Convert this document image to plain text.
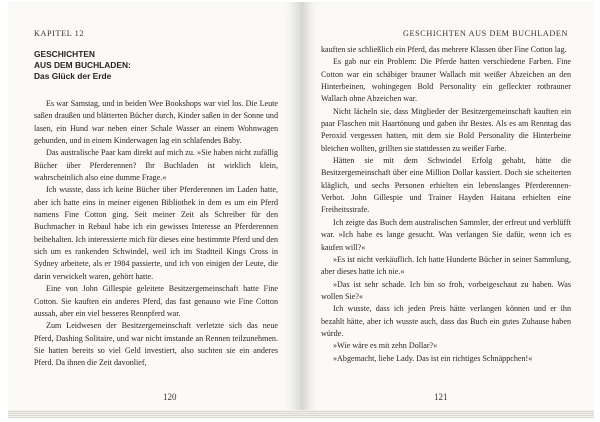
KAPITEL 12
GESCHICHTEN
AUS DEM BUCHLADEN:
Das Glück der Erde

Es war Samstag, und in beiden Wee Bookshops war viel los. Die Leute saßen draußen und blätterten Bücher durch, Kinder saßen in der Sonne und lasen, ein Hund war neben einer Schale Wasser an einem Wohnwagen gebunden, und in einem Kinderwagen lag ein schlafendes Baby.

Das australische Paar kam direkt auf mich zu. »Sie haben nicht zufällig Bücher über Pferderennen? Ihr Buchladen ist wirklich klein, wahrscheinlich also eine dumme Frage.«

Ich wusste, dass ich keine Bücher über Pferderennen im Laden hatte, aber ich hatte eins in meiner eigenen Bibliothek in dem es um ein Pferd namens Fine Cotton ging. Seit meiner Zeit als Schreiber für den Buchmacher in Rebaul habe ich ein gewisses Interesse an Pferderennen beibehalten. Ich interessierte mich für dieses eine bestimmte Pferd und den sich um es rankenden Schwindel, weil ich im Stadtteil Kings Cross in Sydney arbeitete, als er 1984 passierte, und ich von einigen der Leute, die darin verwickelt waren, gehört hatte.

Eine von John Gillespie geleitete Besitzergemeinschaft hatte Fine Cotton. Sie kauften ein anderes Pferd, das fast genauso wie Fine Cotton aussah, aber ein viel besseres Rennpferd war.

Zum Leidwesen der Besitzergemeinschaft verletzte sich das neue Pferd, Dashing Solitaire, und war nicht imstande an Rennen teilzunehmen. Sie hatten bereits so viel Geld investiert, also suchten sie ein anderes Pferd. Da ihnen die Zeit davonlief,

120
GESCHICHTEN AUS DEM BUCHLADEN

kauften sie schließlich ein Pferd, das mehrere Klassen über Fine Cotton lag.

Es gab nur ein Problem: Die Pferde hatten verschiedene Farben. Fine Cotton war ein schäbiger brauner Wallach mit weißer Abzeichen an den Hinterbeinen, wohingegen Bold Personality ein gefleckter rotbrauner Wallach ohne Abzeichen war.

Nicht lächeln sie, dass Mitglieder der Besitzergemeinschaft kauften ein paar Flaschen mit Haartönung und gaben ihr Bestes. Als es am Renntag das Peroxid vergessen hatten, mit dem sie Bold Personality die Hinterbeine bleichen wollten, grillten sie stattdessen zu weißer Farbe.

Hätten sie mit dem Schwindel Erfolg gehabt, hätte die Besitzergemeinschaft über eine Million Dollar kassiert. Doch sie scheiterten kläglich, und sechs Personen erhielten ein lebenslanges Pferderennen-Verbot. John Gillespie und Trainer Hayden Haitana erhielten eine Freiheitsstrafe.

Ich zeigte das Buch dem australischen Sammler, der erfreut und verblüfft war. »Ich habe es lange gesucht. Was verlangen Sie dafür, wenn ich es kaufen will?«

»Es ist nicht verkäuflich. Ich hatte Hunderte Bücher in seiner Sammlung, aber dieses hatte ich nie.«

»Das ist sehr schade. Ich bin so froh, vorbeigeschaut zu haben. Was wollen Sie?«

Ich wusste, dass ich jeden Preis hätte verlangen können und er ihn bezahlt hätte, aber ich wusste auch, dass das Buch ein gutes Zuhause haben würde.

»Wie wäre es mit zehn Dollar?«

»Abgemacht, liebe Lady. Das ist ein richtiges Schnäppchen!«

121
